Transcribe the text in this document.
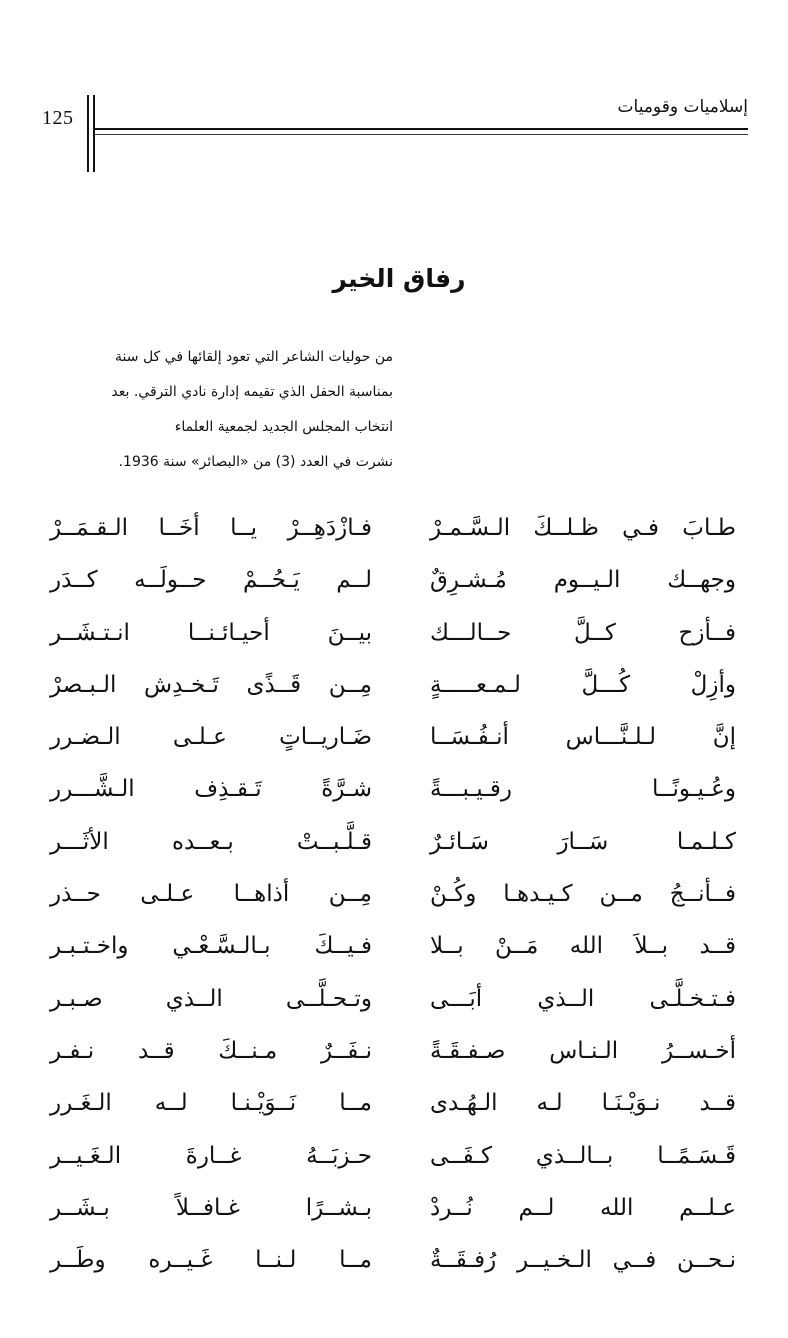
125	إسلاميات وقوميات
رفاق الخير
من حوليات الشاعر التي تعود إلقائها في كل سنة
بمناسبة الحفل الذي تقيمه إدارة نادي الترقي. بعد
انتخاب المجلس الجديد لجمعية العلماء
نشرت في العدد (3) من «البصائر» سنة 1936.
طـابَ فـي ظـلــكَ الـسَّـمـرْ
فـازْدَهِــرْ يــا أخَــا الـقـمَــرْ
وجهــك الـيــوم مُـشـرِقٌ
لــم يَـحُــمْ حــولَــه كــدَر
فــأزح كــلَّ حــالـــك
بيــنَ أحيـائـنــا انـتـشَــر
وأزِلْ كُـــلَّ لـمـعـــــةٍ
مِــن قَــذًى تَـخـدِش الـبـصرْ
إنَّ لـلـنَّـــاس أنـفُـسَــا
ضَـاريــاتٍ عـلـى الـضـرر
وعُـيـونًــا رقـيـبـــةً
شـرَّةً تَـقـذِف الـشَّـــرر
كـلـمـا سَــارَ سَـائـرٌ
قـلَّـبــتْ بـعــده الأثَـــر
فــأنــجُ مــن كـيـدهـا وكُـنْ
مِــن أذاهــا عـلـى حــذر
قــد بــلاَ الله مَــنْ بــلا
فـيــكَ بـالـسَّـعْـي واخـتـبـر
فـتـخـلَّـى الــذي أبَـــى
وتـحـلَّــى الــذي صـبـر
أخـســرُ الـنـاس صـفـقَـةً
نـفَــرٌ مـنــكَ قــد نـفـر
قــد نـوَيْـنَـا لـه الـهُـدى
مــا نَــوَيْـنـا لــه الـغَـرر
قَـسَـمًــا بــالــذي كـفَــى
حـزبَــهُ غــارةَ الـغَـيــر
عـلــم الله لــم نُــردْ
بـشــرًا غـافــلاً بـشَــر
نـحــن فــي الـخـيــر رُفـقَــةٌ
مــا لـنــا غَـيــره وطَــر
